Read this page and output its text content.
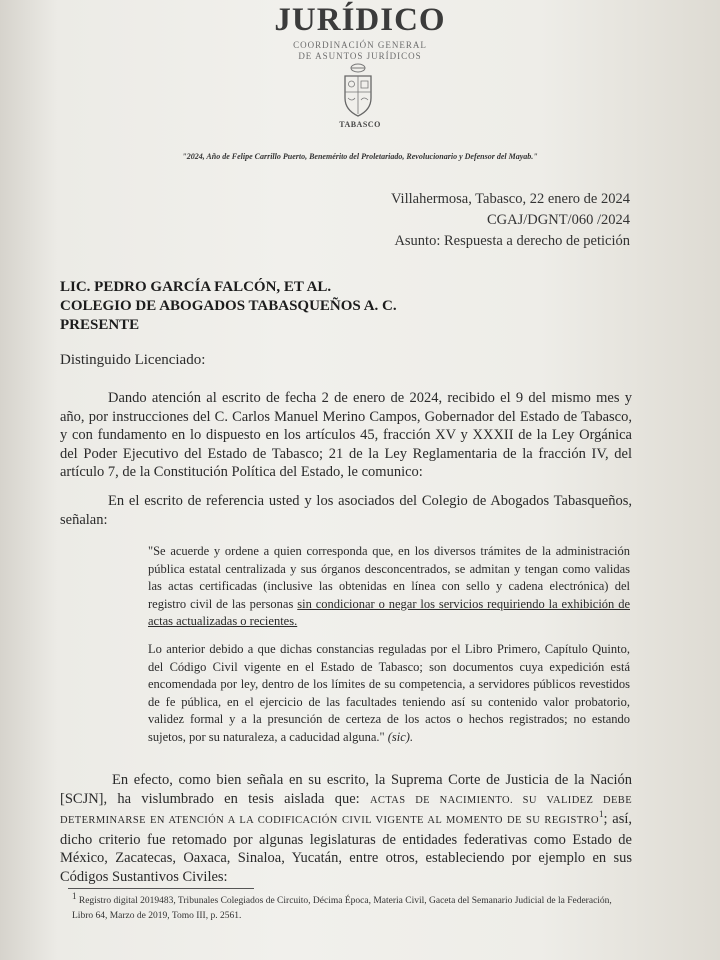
JURÍDICO
COORDINACIÓN GENERAL
DE ASUNTOS JURÍDICOS
TABASCO
"2024, Año de Felipe Carrillo Puerto, Benemérito del Proletariado, Revolucionario y Defensor del Mayab."
Villahermosa, Tabasco, 22 enero de 2024
CGAJ/DGNT/060 /2024
Asunto: Respuesta a derecho de petición
LIC. PEDRO GARCÍA FALCÓN, ET AL.
COLEGIO DE ABOGADOS TABASQUEÑOS A. C.
PRESENTE
Distinguido Licenciado:
Dando atención al escrito de fecha 2 de enero de 2024, recibido el 9 del mismo mes y año, por instrucciones del C. Carlos Manuel Merino Campos, Gobernador del Estado de Tabasco, y con fundamento en lo dispuesto en los artículos 45, fracción XV y XXXII de la Ley Orgánica del Poder Ejecutivo del Estado de Tabasco; 21 de la Ley Reglamentaria de la fracción IV, del artículo 7, de la Constitución Política del Estado, le comunico:
En el escrito de referencia usted y los asociados del Colegio de Abogados Tabasqueños, señalan:
"Se acuerde y ordene a quien corresponda que, en los diversos trámites de la administración pública estatal centralizada y sus órganos desconcentrados, se admitan y tengan como validas las actas certificadas (inclusive las obtenidas en línea con sello y cadena electrónica) del registro civil de las personas sin condicionar o negar los servicios requiriendo la exhibición de actas actualizadas o recientes.
Lo anterior debido a que dichas constancias reguladas por el Libro Primero, Capítulo Quinto, del Código Civil vigente en el Estado de Tabasco; son documentos cuya expedición está encomendada por ley, dentro de los límites de su competencia, a servidores públicos revestidos de fe pública, en el ejercicio de las facultades teniendo así su contenido valor probatorio, validez formal y a la presunción de certeza de los actos o hechos registrados; no estando sujetos, por su naturaleza, a caducidad alguna." (sic).
En efecto, como bien señala en su escrito, la Suprema Corte de Justicia de la Nación [SCJN], ha vislumbrado en tesis aislada que: ACTAS DE NACIMIENTO. SU VALIDEZ DEBE DETERMINARSE EN ATENCIÓN A LA CODIFICACIÓN CIVIL VIGENTE AL MOMENTO DE SU REGISTRO$^1$; así, dicho criterio fue retomado por algunas legislaturas de entidades federativas como Estado de México, Zacatecas, Oaxaca, Sinaloa, Yucatán, entre otros, estableciendo por ejemplo en sus Códigos Sustantivos Civiles:
$^1$ Registro digital 2019483, Tribunales Colegiados de Circuito, Décima Época, Materia Civil, Gaceta del Semanario Judicial de la Federación, Libro 64, Marzo de 2019, Tomo III, p. 2561.
